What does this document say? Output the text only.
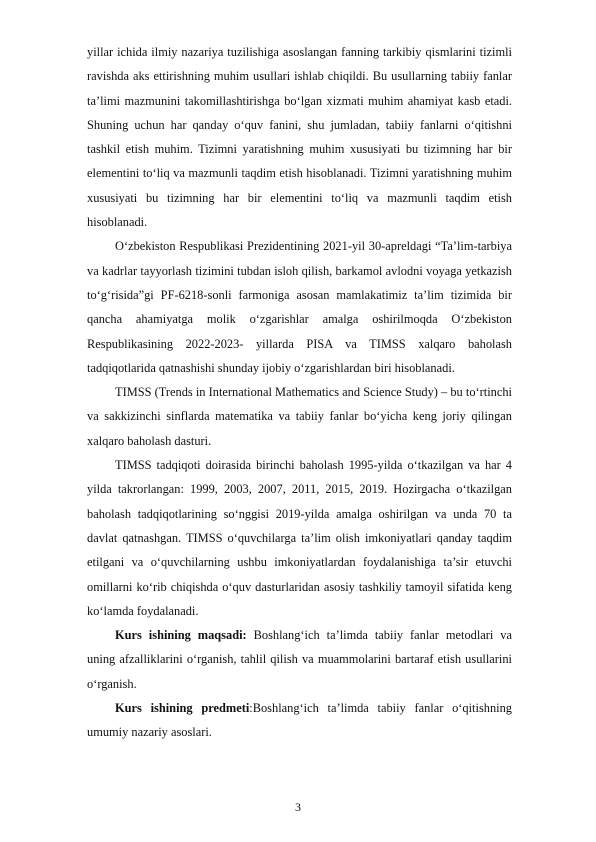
yillar ichida ilmiy nazariya tuzilishiga asoslangan fanning tarkibiy qismlarini tizimli ravishda aks ettirishning muhim usullari ishlab chiqildi. Bu usullarning tabiiy fanlar ta’limi mazmunini takomillashtirishga bo‘lgan xizmati muhim ahamiyat kasb etadi. Shuning uchun har qanday o‘quv fanini, shu jumladan, tabiiy fanlarni o‘qitishni tashkil etish muhim. Tizimni yaratishning muhim xususiyati bu tizimning har bir elementini to‘liq va mazmunli taqdim etish hisoblanadi. Tizimni yaratishning muhim xususiyati bu tizimning har bir elementini to‘liq va mazmunli taqdim etish hisoblanadi.

O‘zbekiston Respublikasi Prezidentining 2021-yil 30-apreldagi “Ta’lim-tarbiya va kadrlar tayyorlash tizimini tubdan isloh qilish, barkamol avlodni voyaga yetkazish to‘g‘risida”gi PF-6218-sonli farmoniga asosan mamlakatimiz ta’lim tizimida bir qancha ahamiyatga molik o‘zgarishlar amalga oshirilmoqda O‘zbekiston Respublikasining 2022-2023- yillarda PISA va TIMSS xalqaro baholash tadqiqotlarida qatnashishi shunday ijobiy o‘zgarishlardan biri hisoblanadi.

TIMSS (Trends in International Mathematics and Science Study) – bu to‘rtinchi va sakkizinchi sinflarda matematika va tabiiy fanlar bo‘yicha keng joriy qilingan xalqaro baholash dasturi.

TIMSS tadqiqoti doirasida birinchi baholash 1995-yilda o‘tkazilgan va har 4 yilda takrorlangan: 1999, 2003, 2007, 2011, 2015, 2019. Hozirgacha o‘tkazilgan baholash tadqiqotlarining so‘nggisi 2019-yilda amalga oshirilgan va unda 70 ta davlat qatnashgan. TIMSS o‘quvchilarga ta’lim olish imkoniyatlari qanday taqdim etilgani va o‘quvchilarning ushbu imkoniyatlardan foydalanishiga ta’sir etuvchi omillarni ko‘rib chiqishda o‘quv dasturlaridan asosiy tashkiliy tamoyil sifatida keng ko‘lamda foydalanadi.

Kurs ishining maqsadi: Boshlang‘ich ta’limda tabiiy fanlar metodlari va uning afzalliklarini o‘rganish, tahlil qilish va muammolarini bartaraf etish usullarini o‘rganish.

Kurs ishining predmeti:Boshlang‘ich ta’limda tabiiy fanlar o‘qitishning umumiy nazariy asoslari.

3
